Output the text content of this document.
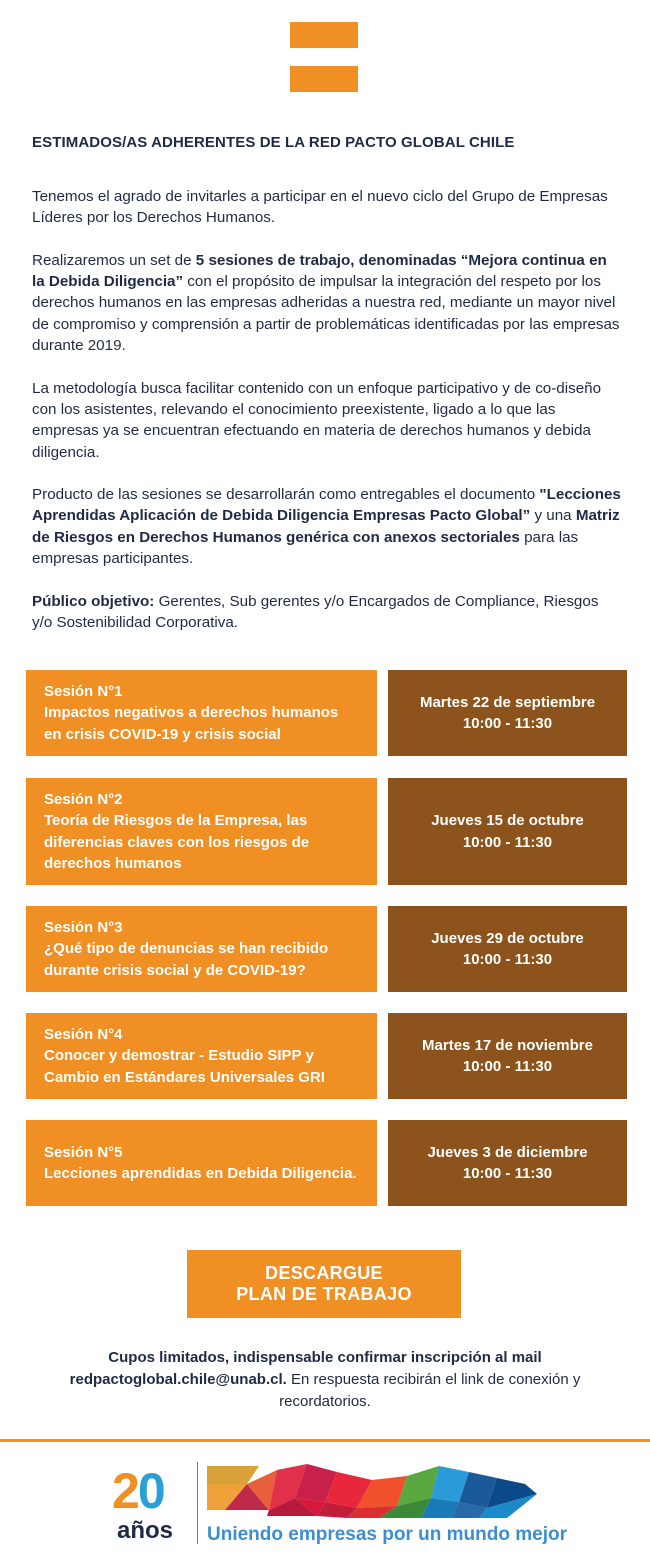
ESTIMADOS/AS ADHERENTES DE LA RED PACTO GLOBAL CHILE

Tenemos el agrado de invitarles a participar en el nuevo ciclo del Grupo de Empresas Líderes por los Derechos Humanos.

Realizaremos un set de 5 sesiones de trabajo, denominadas “Mejora continua en la Debida Diligencia” con el propósito de impulsar la integración del respeto por los derechos humanos en las empresas adheridas a nuestra red, mediante un mayor nivel de compromiso y comprensión a partir de problemáticas identificadas por las empresas durante 2019.

La metodología busca facilitar contenido con un enfoque participativo y de co-diseño con los asistentes, relevando el conocimiento preexistente, ligado a lo que las empresas ya se encuentran efectuando en materia de derechos humanos y debida diligencia.

Producto de las sesiones se desarrollarán como entregables el documento "Lecciones Aprendidas Aplicación de Debida Diligencia Empresas Pacto Global” y una Matriz de Riesgos en Derechos Humanos genérica con anexos sectoriales para las empresas participantes.

Público objetivo: Gerentes, Sub gerentes y/o Encargados de Compliance, Riesgos y/o Sostenibilidad Corporativa.

Sesión N°1
Impactos negativos a derechos humanos en crisis COVID-19 y crisis social
Martes 22 de septiembre
10:00 - 11:30
Sesión N°2
Teoría de Riesgos de la Empresa, las diferencias claves con los riesgos de derechos humanos
Jueves 15 de octubre
10:00 - 11:30
Sesión N°3
¿Qué tipo de denuncias se han recibido durante crisis social y de COVID-19?
Jueves 29 de octubre
10:00 - 11:30
Sesión N°4
Conocer y demostrar - Estudio SIPP y Cambio en Estándares Universales GRI
Martes 17 de noviembre
10:00 - 11:30
Sesión N°5
Lecciones aprendidas en Debida Diligencia.
Jueves 3 de diciembre
10:00 - 11:30
DESCARGUE
PLAN DE TRABAJO

Cupos limitados, indispensable confirmar inscripción al mail redpactoglobal.chile@unab.cl. En respuesta recibirán el link de conexión y recordatorios.

20
años Uniendo empresas por un mundo mejor
